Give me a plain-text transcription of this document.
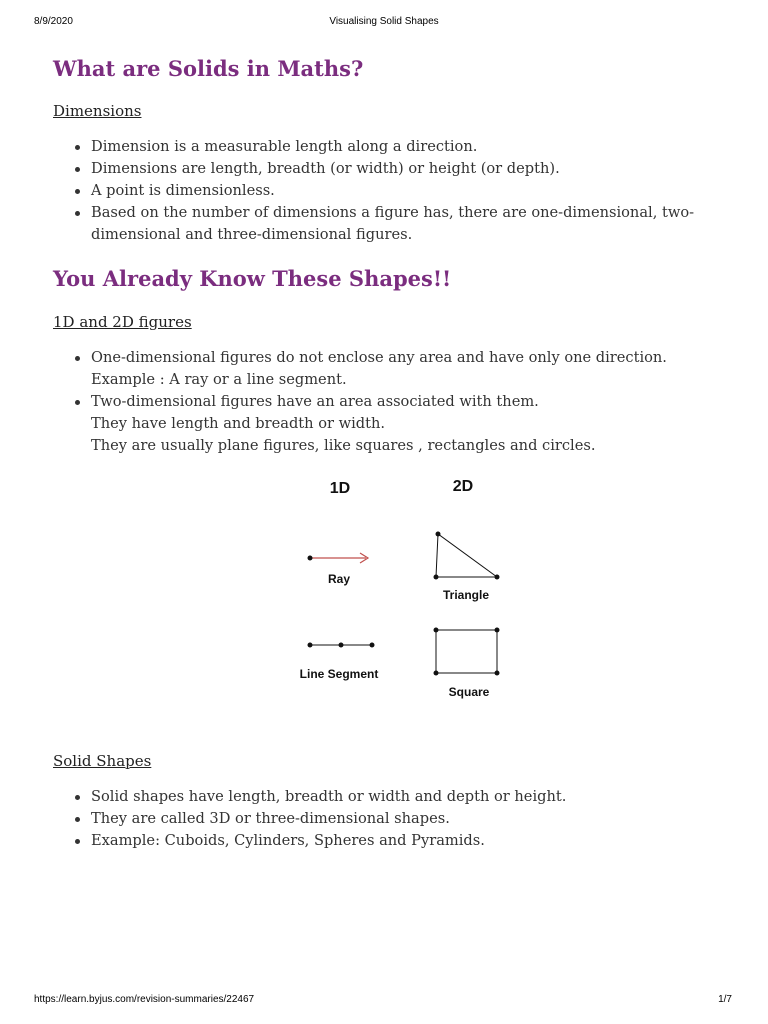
8/9/2020	Visualising Solid Shapes
What are Solids in Maths?
Dimensions
Dimension is a measurable length along a direction.
Dimensions are length, breadth (or width) or height (or depth).
A point is dimensionless.
Based on the number of dimensions a figure has, there are one-dimensional, two-
dimensional and three-dimensional figures.
You Already Know These Shapes!!
1D and 2D figures
One-dimensional figures do not enclose any area and have only one direction.
Example : A ray or a line segment.
Two-dimensional figures have an area associated with them.
They have length and breadth or width.
They are usually plane figures, like squares , rectangles and circles.
Solid Shapes
Solid shapes have length, breadth or width and depth or height.
They are called 3D or three-dimensional shapes.
Example: Cuboids, Cylinders, Spheres and Pyramids.
1D	2D
Ray
Triangle
Line Segment
Square
https://learn.byjus.com/revision-summaries/22467	1/7
